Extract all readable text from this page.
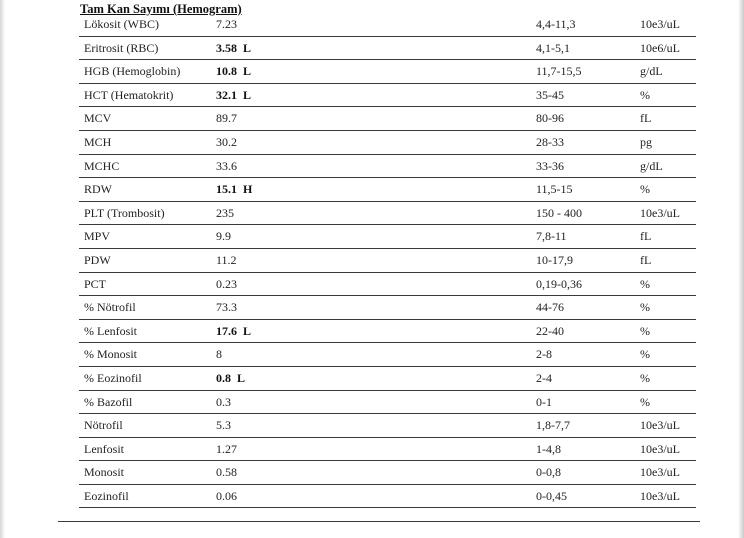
Tam Kan Sayımı (Hemogram)
Lökosit (WBC)	7.23	4,4-11,3	10e3/uL
Eritrosit (RBC)	3.58 L	4,1-5,1	10e6/uL
HGB (Hemoglobin)	10.8 L	11,7-15,5	g/dL
HCT (Hematokrit)	32.1 L	35-45	%
MCV	89.7	80-96	fL
MCH	30.2	28-33	pg
MCHC	33.6	33-36	g/dL
RDW	15.1 H	11,5-15	%
PLT (Trombosit)	235	150 - 400	10e3/uL
MPV	9.9	7,8-11	fL
PDW	11.2	10-17,9	fL
PCT	0.23	0,19-0,36	%
% Nötrofil	73.3	44-76	%
% Lenfosit	17.6 L	22-40	%
% Monosit	8	2-8	%
% Eozinofil	0.8 L	2-4	%
% Bazofil	0.3	0-1	%
Nötrofil	5.3	1,8-7,7	10e3/uL
Lenfosit	1.27	1-4,8	10e3/uL
Monosit	0.58	0-0,8	10e3/uL
Eozinofil	0.06	0-0,45	10e3/uL
